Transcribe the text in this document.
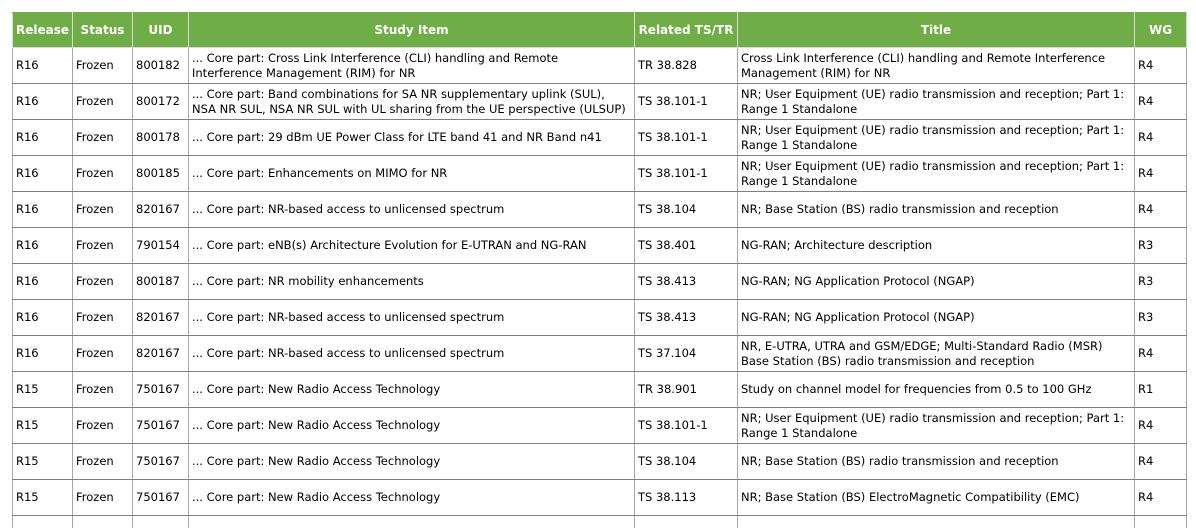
Release	Status	UID	Study Item	Related TS/TR	Title	WG
R16	Frozen	800182	... Core part: Cross Link Interference (CLI) handling and Remote Interference Management (RIM) for NR	TR 38.828	Cross Link Interference (CLI) handling and Remote Interference Management (RIM) for NR	R4
R16	Frozen	800172	... Core part: Band combinations for SA NR supplementary uplink (SUL), NSA NR SUL, NSA NR SUL with UL sharing from the UE perspective (ULSUP)	TS 38.101-1	NR; User Equipment (UE) radio transmission and reception; Part 1: Range 1 Standalone	R4
R16	Frozen	800178	... Core part: 29 dBm UE Power Class for LTE band 41 and NR Band n41	TS 38.101-1	NR; User Equipment (UE) radio transmission and reception; Part 1: Range 1 Standalone	R4
R16	Frozen	800185	... Core part: Enhancements on MIMO for NR	TS 38.101-1	NR; User Equipment (UE) radio transmission and reception; Part 1: Range 1 Standalone	R4
R16	Frozen	820167	... Core part: NR-based access to unlicensed spectrum	TS 38.104	NR; Base Station (BS) radio transmission and reception	R4
R16	Frozen	790154	... Core part: eNB(s) Architecture Evolution for E-UTRAN and NG-RAN	TS 38.401	NG-RAN; Architecture description	R3
R16	Frozen	800187	... Core part: NR mobility enhancements	TS 38.413	NG-RAN; NG Application Protocol (NGAP)	R3
R16	Frozen	820167	... Core part: NR-based access to unlicensed spectrum	TS 38.413	NG-RAN; NG Application Protocol (NGAP)	R3
R16	Frozen	820167	... Core part: NR-based access to unlicensed spectrum	TS 37.104	NR, E-UTRA, UTRA and GSM/EDGE; Multi-Standard Radio (MSR) Base Station (BS) radio transmission and reception	R4
R15	Frozen	750167	... Core part: New Radio Access Technology	TR 38.901	Study on channel model for frequencies from 0.5 to 100 GHz	R1
R15	Frozen	750167	... Core part: New Radio Access Technology	TS 38.101-1	NR; User Equipment (UE) radio transmission and reception; Part 1: Range 1 Standalone	R4
R15	Frozen	750167	... Core part: New Radio Access Technology	TS 38.104	NR; Base Station (BS) radio transmission and reception	R4
R15	Frozen	750167	... Core part: New Radio Access Technology	TS 38.113	NR; Base Station (BS) ElectroMagnetic Compatibility (EMC)	R4
